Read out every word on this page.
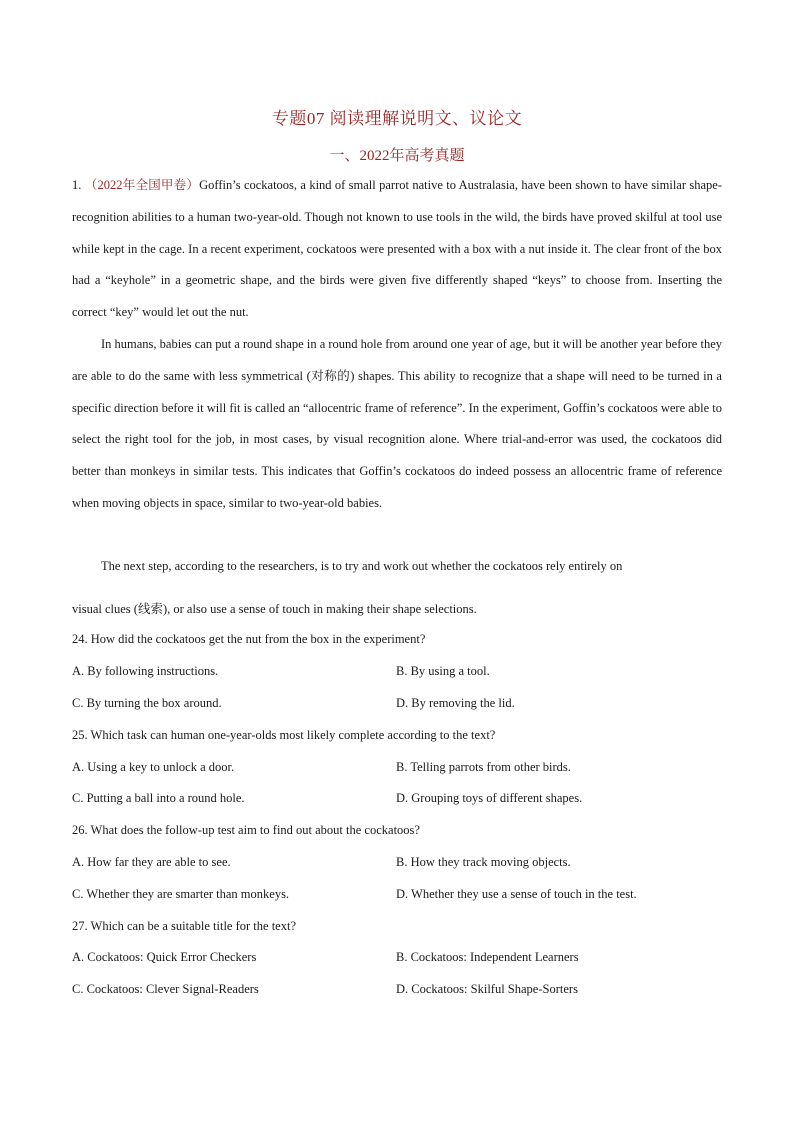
专题07 阅读理解说明文、议论文
一、2022年高考真题
1. （2022年全国甲卷）Goffin’s cockatoos, a kind of small parrot native to Australasia, have been shown to have similar shape-recognition abilities to a human two-year-old. Though not known to use tools in the wild, the birds have proved skilful at tool use while kept in the cage. In a recent experiment, cockatoos were presented with a box with a nut inside it. The clear front of the box had a “keyhole” in a geometric shape, and the birds were given five differently shaped “keys” to choose from. Inserting the correct “key” would let out the nut.
In humans, babies can put a round shape in a round hole from around one year of age, but it will be another year before they are able to do the same with less symmetrical (对称的) shapes. This ability to recognize that a shape will need to be turned in a specific direction before it will fit is called an “allocentric frame of reference”. In the experiment, Goffin’s cockatoos were able to select the right tool for the job, in most cases, by visual recognition alone. Where trial-and-error was used, the cockatoos did better than monkeys in similar tests. This indicates that Goffin’s cockatoos do indeed possess an allocentric frame of reference when moving objects in space, similar to two-year-old babies.
The next step, according to the researchers, is to try and work out whether the cockatoos rely entirely on
visual clues (线索), or also use a sense of touch in making their shape selections.
24. How did the cockatoos get the nut from the box in the experiment?
A. By following instructions.	B. By using a tool.
C. By turning the box around.	D. By removing the lid.
25. Which task can human one-year-olds most likely complete according to the text?
A. Using a key to unlock a door.	B. Telling parrots from other birds.
C. Putting a ball into a round hole.	D. Grouping toys of different shapes.
26. What does the follow-up test aim to find out about the cockatoos?
A. How far they are able to see.	B. How they track moving objects.
C. Whether they are smarter than monkeys.	D. Whether they use a sense of touch in the test.
27. Which can be a suitable title for the text?
A. Cockatoos: Quick Error Checkers	B. Cockatoos: Independent Learners
C. Cockatoos: Clever Signal-Readers	D. Cockatoos: Skilful Shape-Sorters
